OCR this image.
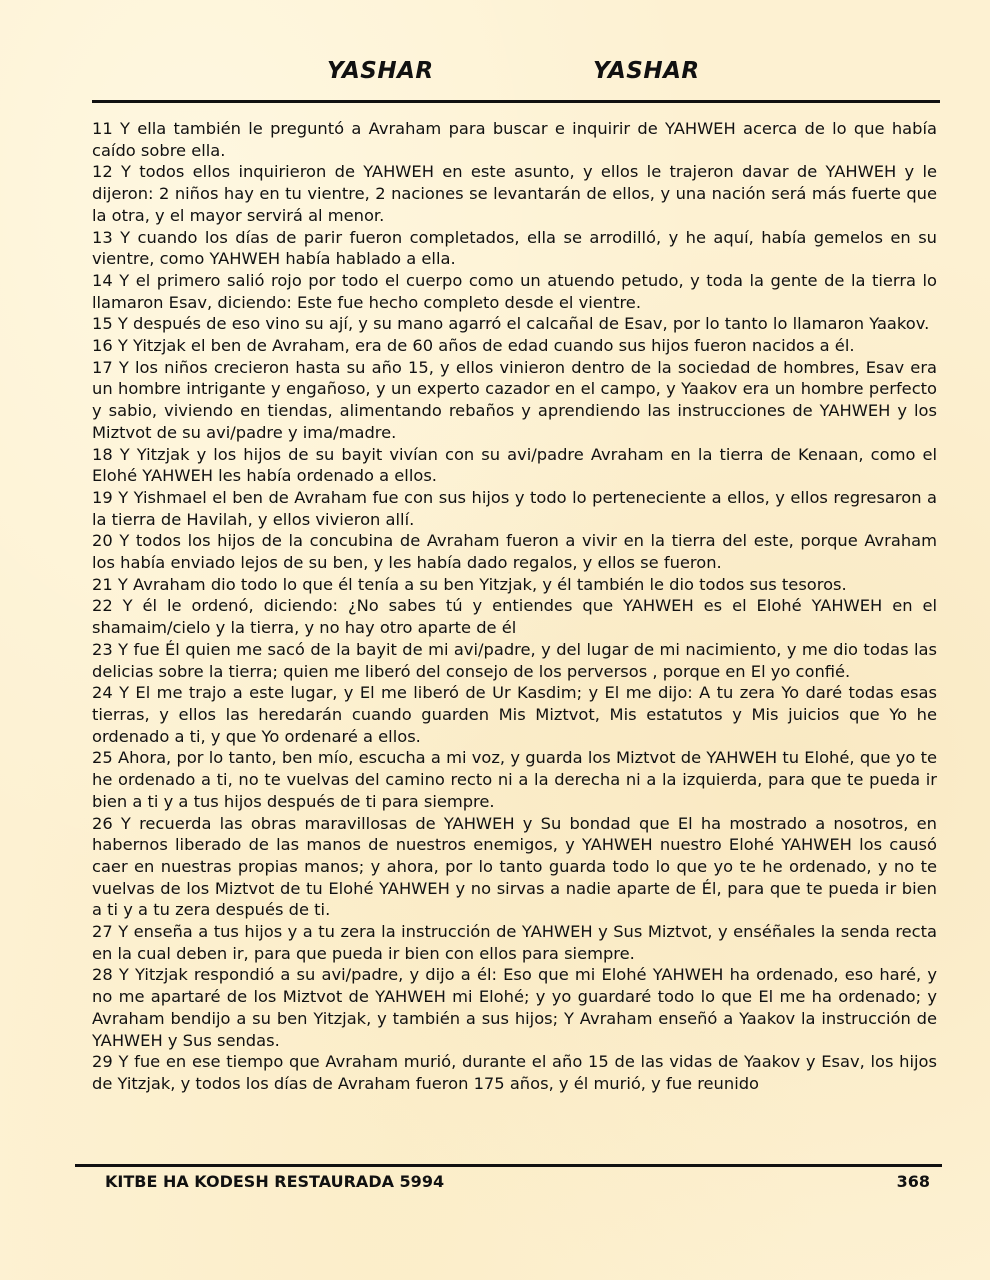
YASHAR	YASHAR

11 Y ella también le preguntó a Avraham para buscar e inquirir de YAHWEH acerca de lo que había caído sobre ella.

12 Y todos ellos inquirieron de YAHWEH en este asunto, y ellos le trajeron davar de YAHWEH y le dijeron: 2 niños hay en tu vientre, 2 naciones se levantarán de ellos, y una nación será más fuerte que la otra, y el mayor servirá al menor.

13 Y cuando los días de parir fueron completados, ella se arrodilló, y he aquí, había gemelos en su vientre, como YAHWEH había hablado a ella.

14 Y el primero salió rojo por todo el cuerpo como un atuendo petudo, y toda la gente de la tierra lo llamaron Esav, diciendo: Este fue hecho completo desde el vientre.

15 Y después de eso vino su ají, y su mano agarró el calcañal de Esav, por lo tanto lo llamaron Yaakov.

16 Y Yitzjak el ben de Avraham, era de 60 años de edad cuando sus hijos fueron nacidos a él.

17 Y los niños crecieron hasta su año 15, y ellos vinieron dentro de la sociedad de hombres, Esav era un hombre intrigante y engañoso, y un experto cazador en el campo, y Yaakov era un hombre perfecto y sabio, viviendo en tiendas, alimentando rebaños y aprendiendo las instrucciones de YAHWEH y los Miztvot de su avi/padre y ima/madre.

18 Y Yitzjak y los hijos de su bayit vivían con su avi/padre Avraham en la tierra de Kenaan, como el Elohé YAHWEH les había ordenado a ellos.

19 Y Yishmael el ben de Avraham fue con sus hijos y todo lo perteneciente a ellos, y ellos regresaron a la tierra de Havilah, y ellos vivieron allí.

20 Y todos los hijos de la concubina de Avraham fueron a vivir en la tierra del este, porque Avraham los había enviado lejos de su ben, y les había dado regalos, y ellos se fueron.

21 Y Avraham dio todo lo que él tenía a su ben Yitzjak, y él también le dio todos sus tesoros.

22 Y él le ordenó, diciendo: ¿No sabes tú y entiendes que YAHWEH es el Elohé YAHWEH en el shamaim/cielo y la tierra, y no hay otro aparte de él

23 Y fue Él quien me sacó de la bayit de mi avi/padre, y del lugar de mi nacimiento, y me dio todas las delicias sobre la tierra; quien me liberó del consejo de los perversos , porque en El yo confié.

24 Y El me trajo a este lugar, y El me liberó de Ur Kasdim; y El me dijo: A tu zera Yo daré todas esas tierras, y ellos las heredarán cuando guarden Mis Miztvot, Mis estatutos y Mis juicios que Yo he ordenado a ti, y que Yo ordenaré a ellos.

25 Ahora, por lo tanto, ben mío, escucha a mi voz, y guarda los Miztvot de YAHWEH tu Elohé, que yo te he ordenado a ti, no te vuelvas del camino recto ni a la derecha ni a la izquierda, para que te pueda ir bien a ti y a tus hijos después de ti para siempre.

26 Y recuerda las obras maravillosas de YAHWEH y Su bondad que El ha mostrado a nosotros, en habernos liberado de las manos de nuestros enemigos, y YAHWEH nuestro Elohé YAHWEH los causó caer en nuestras propias manos; y ahora, por lo tanto guarda todo lo que yo te he ordenado, y no te vuelvas de los Miztvot de tu Elohé YAHWEH y no sirvas a nadie aparte de Él, para que te pueda ir bien a ti y a tu zera después de ti.

27 Y enseña a tus hijos y a tu zera la instrucción de YAHWEH y Sus Miztvot, y enséñales la senda recta en la cual deben ir, para que pueda ir bien con ellos para siempre.

28 Y Yitzjak respondió a su avi/padre, y dijo a él: Eso que mi Elohé YAHWEH ha ordenado, eso haré, y no me apartaré de los Miztvot de YAHWEH mi Elohé; y yo guardaré todo lo que El me ha ordenado; y Avraham bendijo a su ben Yitzjak, y también a sus hijos; Y Avraham enseñó a Yaakov la instrucción de YAHWEH y Sus sendas.

29 Y fue en ese tiempo que Avraham murió, durante el año 15 de las vidas de Yaakov y Esav, los hijos de Yitzjak, y todos los días de Avraham fueron 175 años, y él murió, y fue reunido

KITBE HA KODESH RESTAURADA 5994	368
